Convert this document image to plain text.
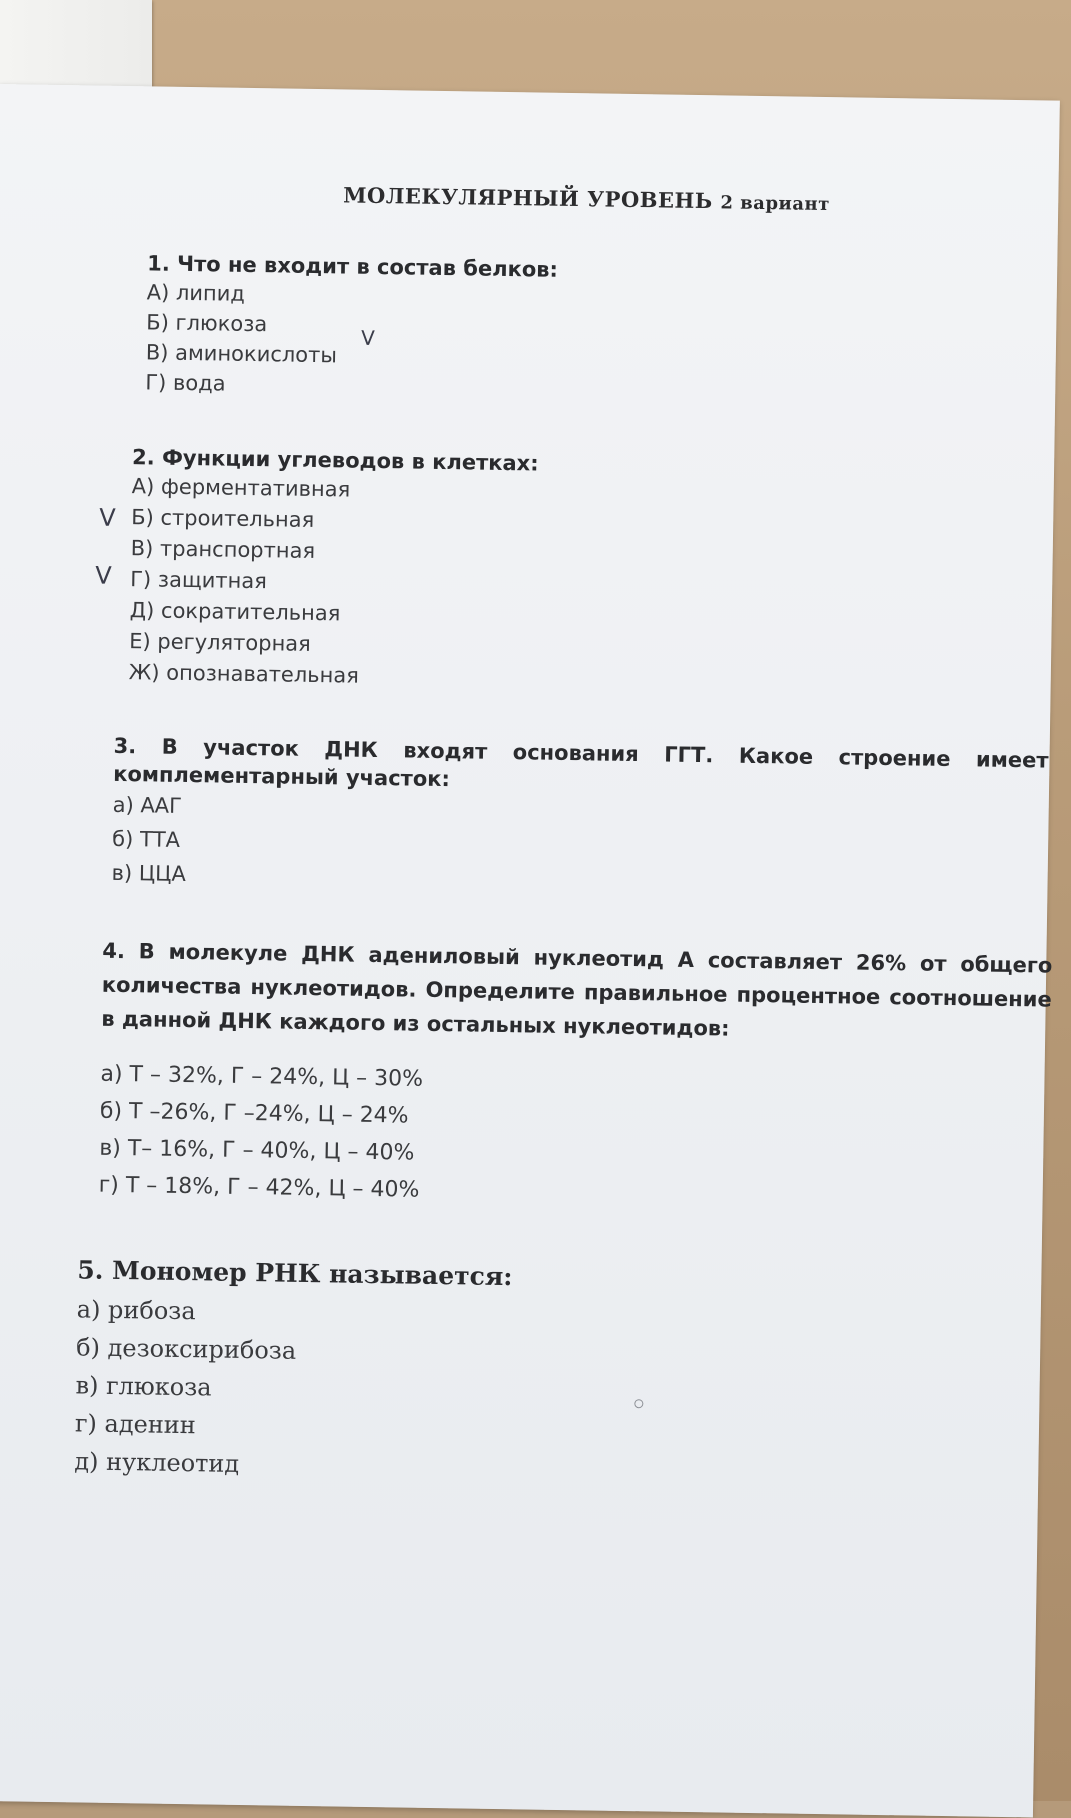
МОЛЕКУЛЯРНЫЙ УРОВЕНЬ 2 вариант
1. Что не входит в состав белков:
А) липид
Б) глюкоза
В) аминокислоты
Г) вода
V
2. Функции углеводов в клетках:
А) ферментативная
Б) строительная
В) транспортная
Г) защитная
Д) сократительная
Е) регуляторная
Ж) опознавательная
V
V
3. В участок ДНК входят основания ГГТ. Какое строение имеет комплементарный участок:
а) ААГ
б) ТТА
в) ЦЦА
4. В молекуле ДНК адениловый нуклеотид А составляет 26% от общего количества нуклеотидов. Определите правильное процентное соотношение в данной ДНК каждого из остальных нуклеотидов:
а) Т – 32%, Г – 24%, Ц – 30%
б) Т –26%, Г –24%, Ц – 24%
в) Т– 16%, Г – 40%, Ц – 40%
г) Т – 18%, Г – 42%, Ц – 40%
5. Мономер РНК называется:
а) рибоза
б) дезоксирибоза
в) глюкоза
г) аденин
д) нуклеотид
